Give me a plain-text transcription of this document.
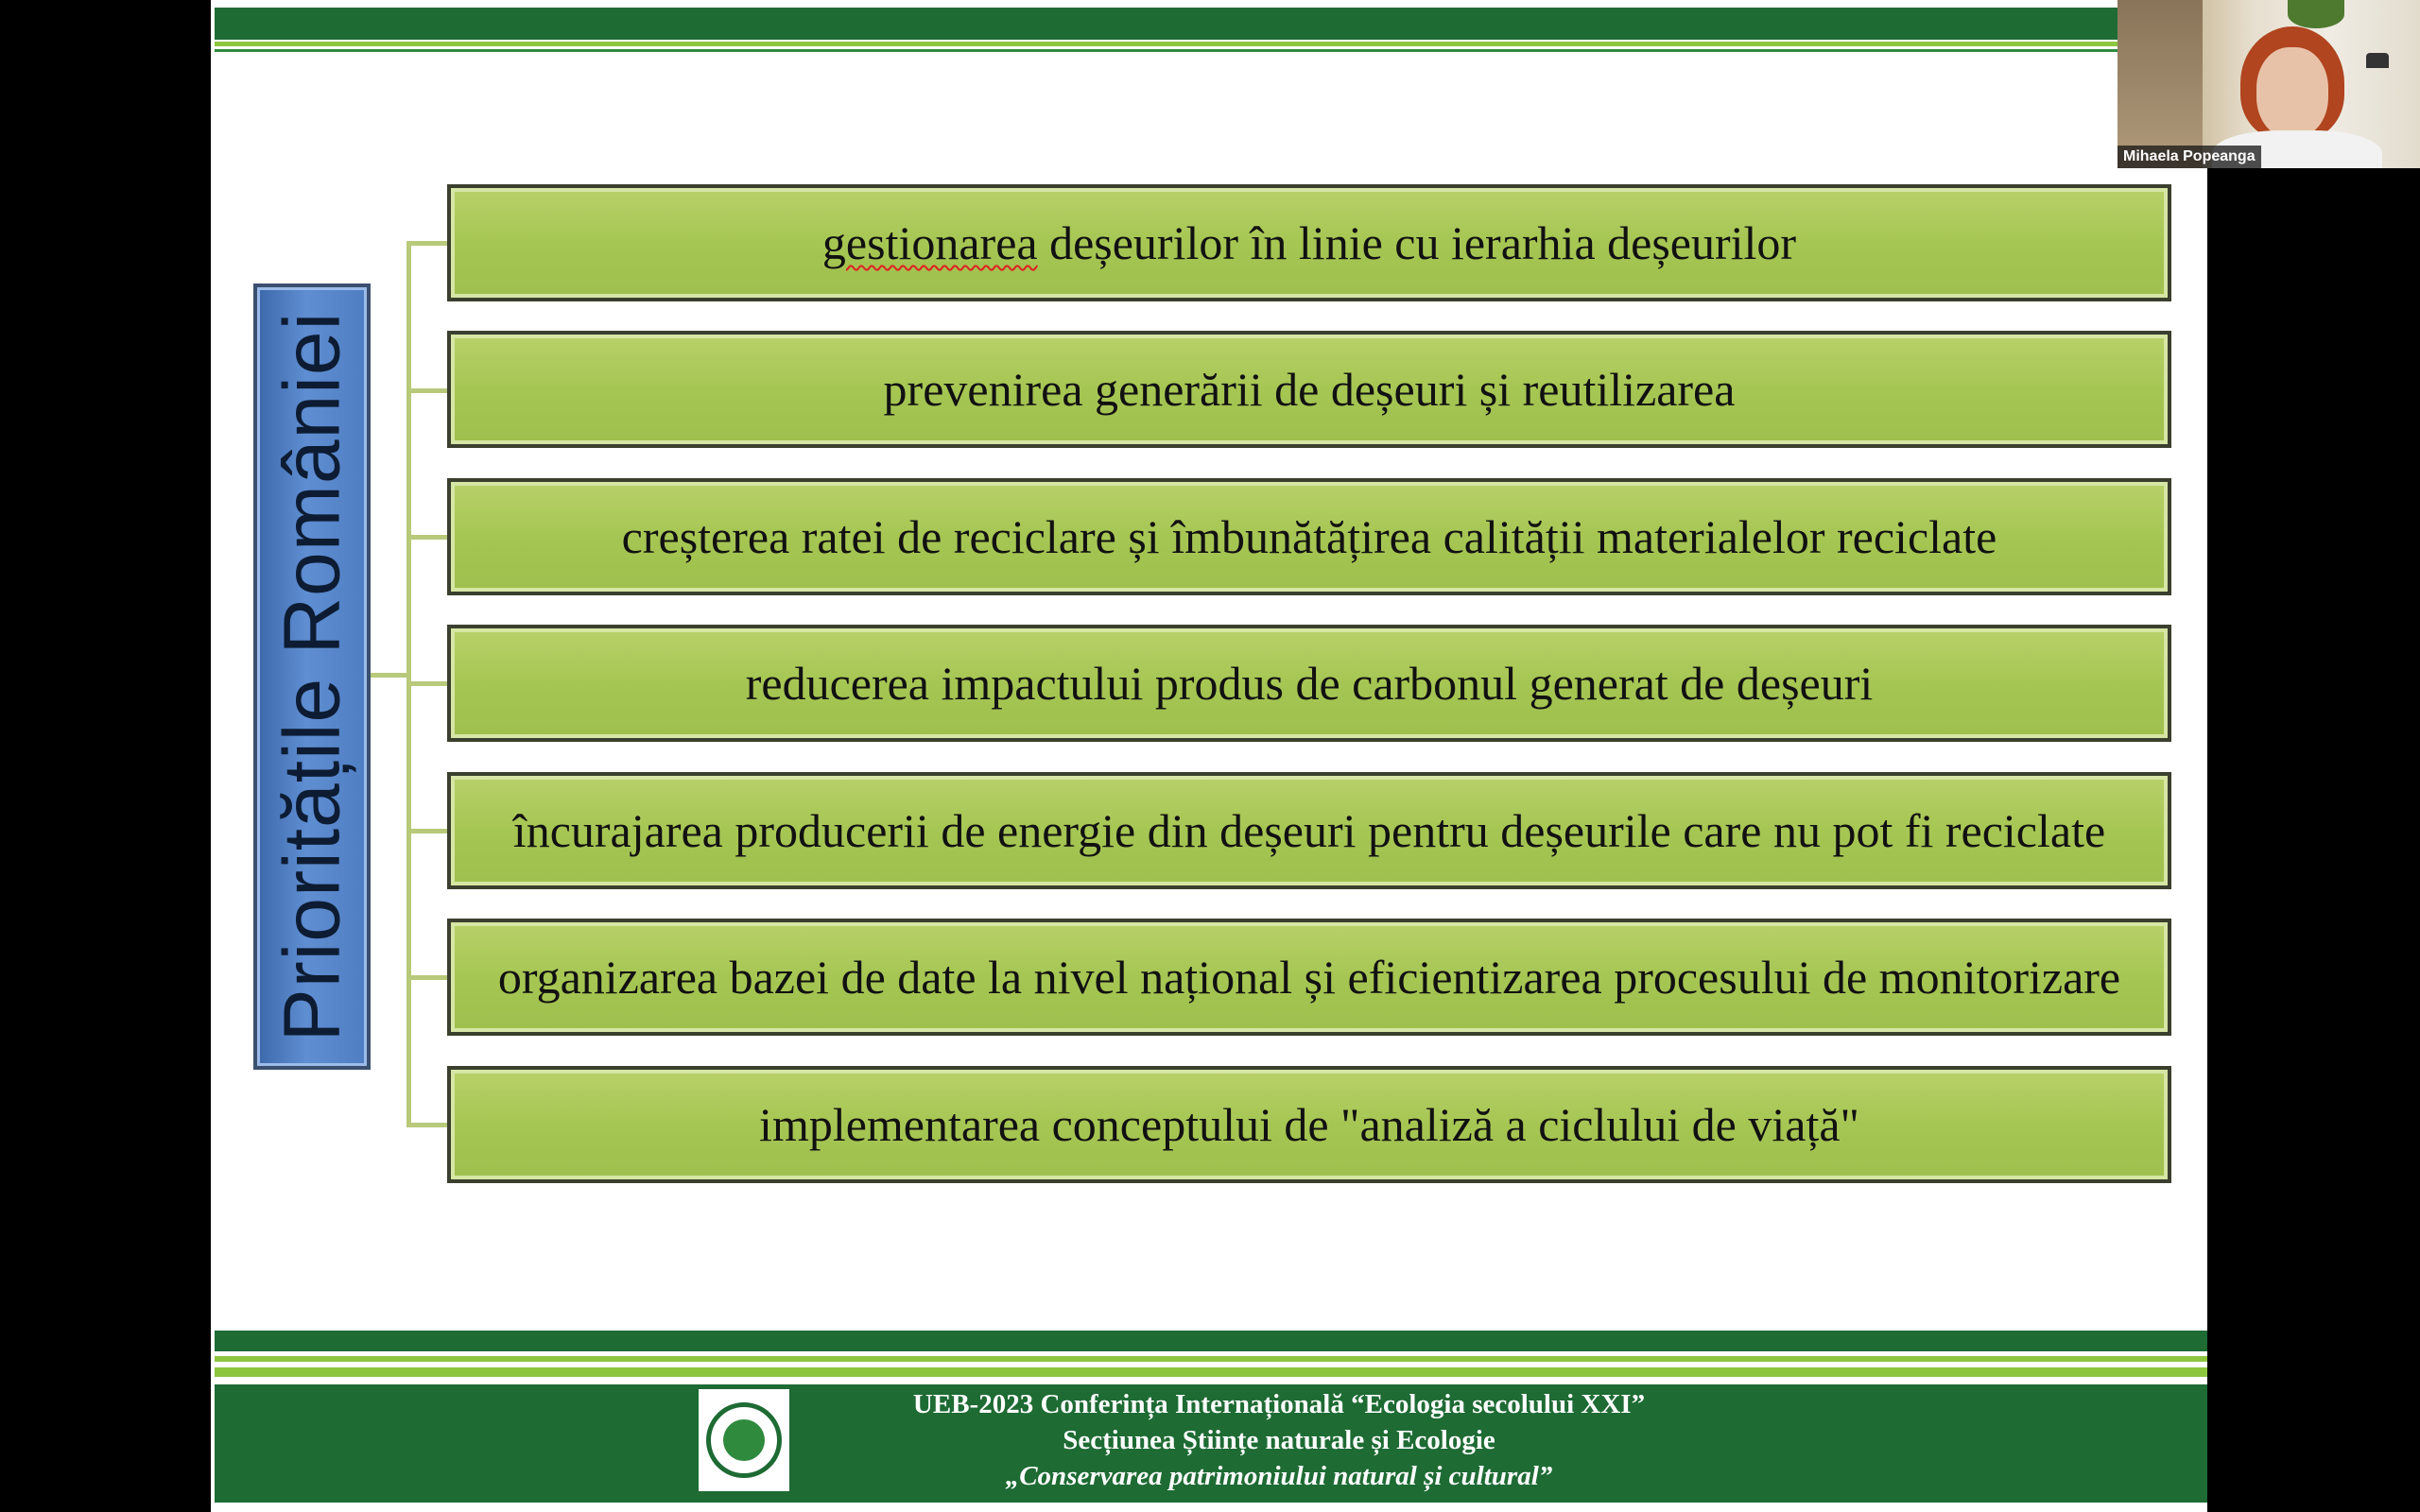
Prioritățile României
gestionarea deșeurilor în linie cu ierarhia deșeurilor
prevenirea generării de deșeuri și reutilizarea
creșterea ratei de reciclare și îmbunătățirea calității materialelor reciclate
reducerea impactului produs de carbonul generat de deșeuri
încurajarea producerii de energie din deșeuri pentru deșeurile care nu pot fi reciclate
organizarea bazei de date la nivel național și eficientizarea procesului de monitorizare
implementarea conceptului de "analiză a ciclului de viață"
UEB-2023 Conferința Internațională “Ecologia secolului XXI”
Secțiunea Științe naturale și Ecologie
„Conservarea patrimoniului natural și cultural”
Mihaela Popeanga
